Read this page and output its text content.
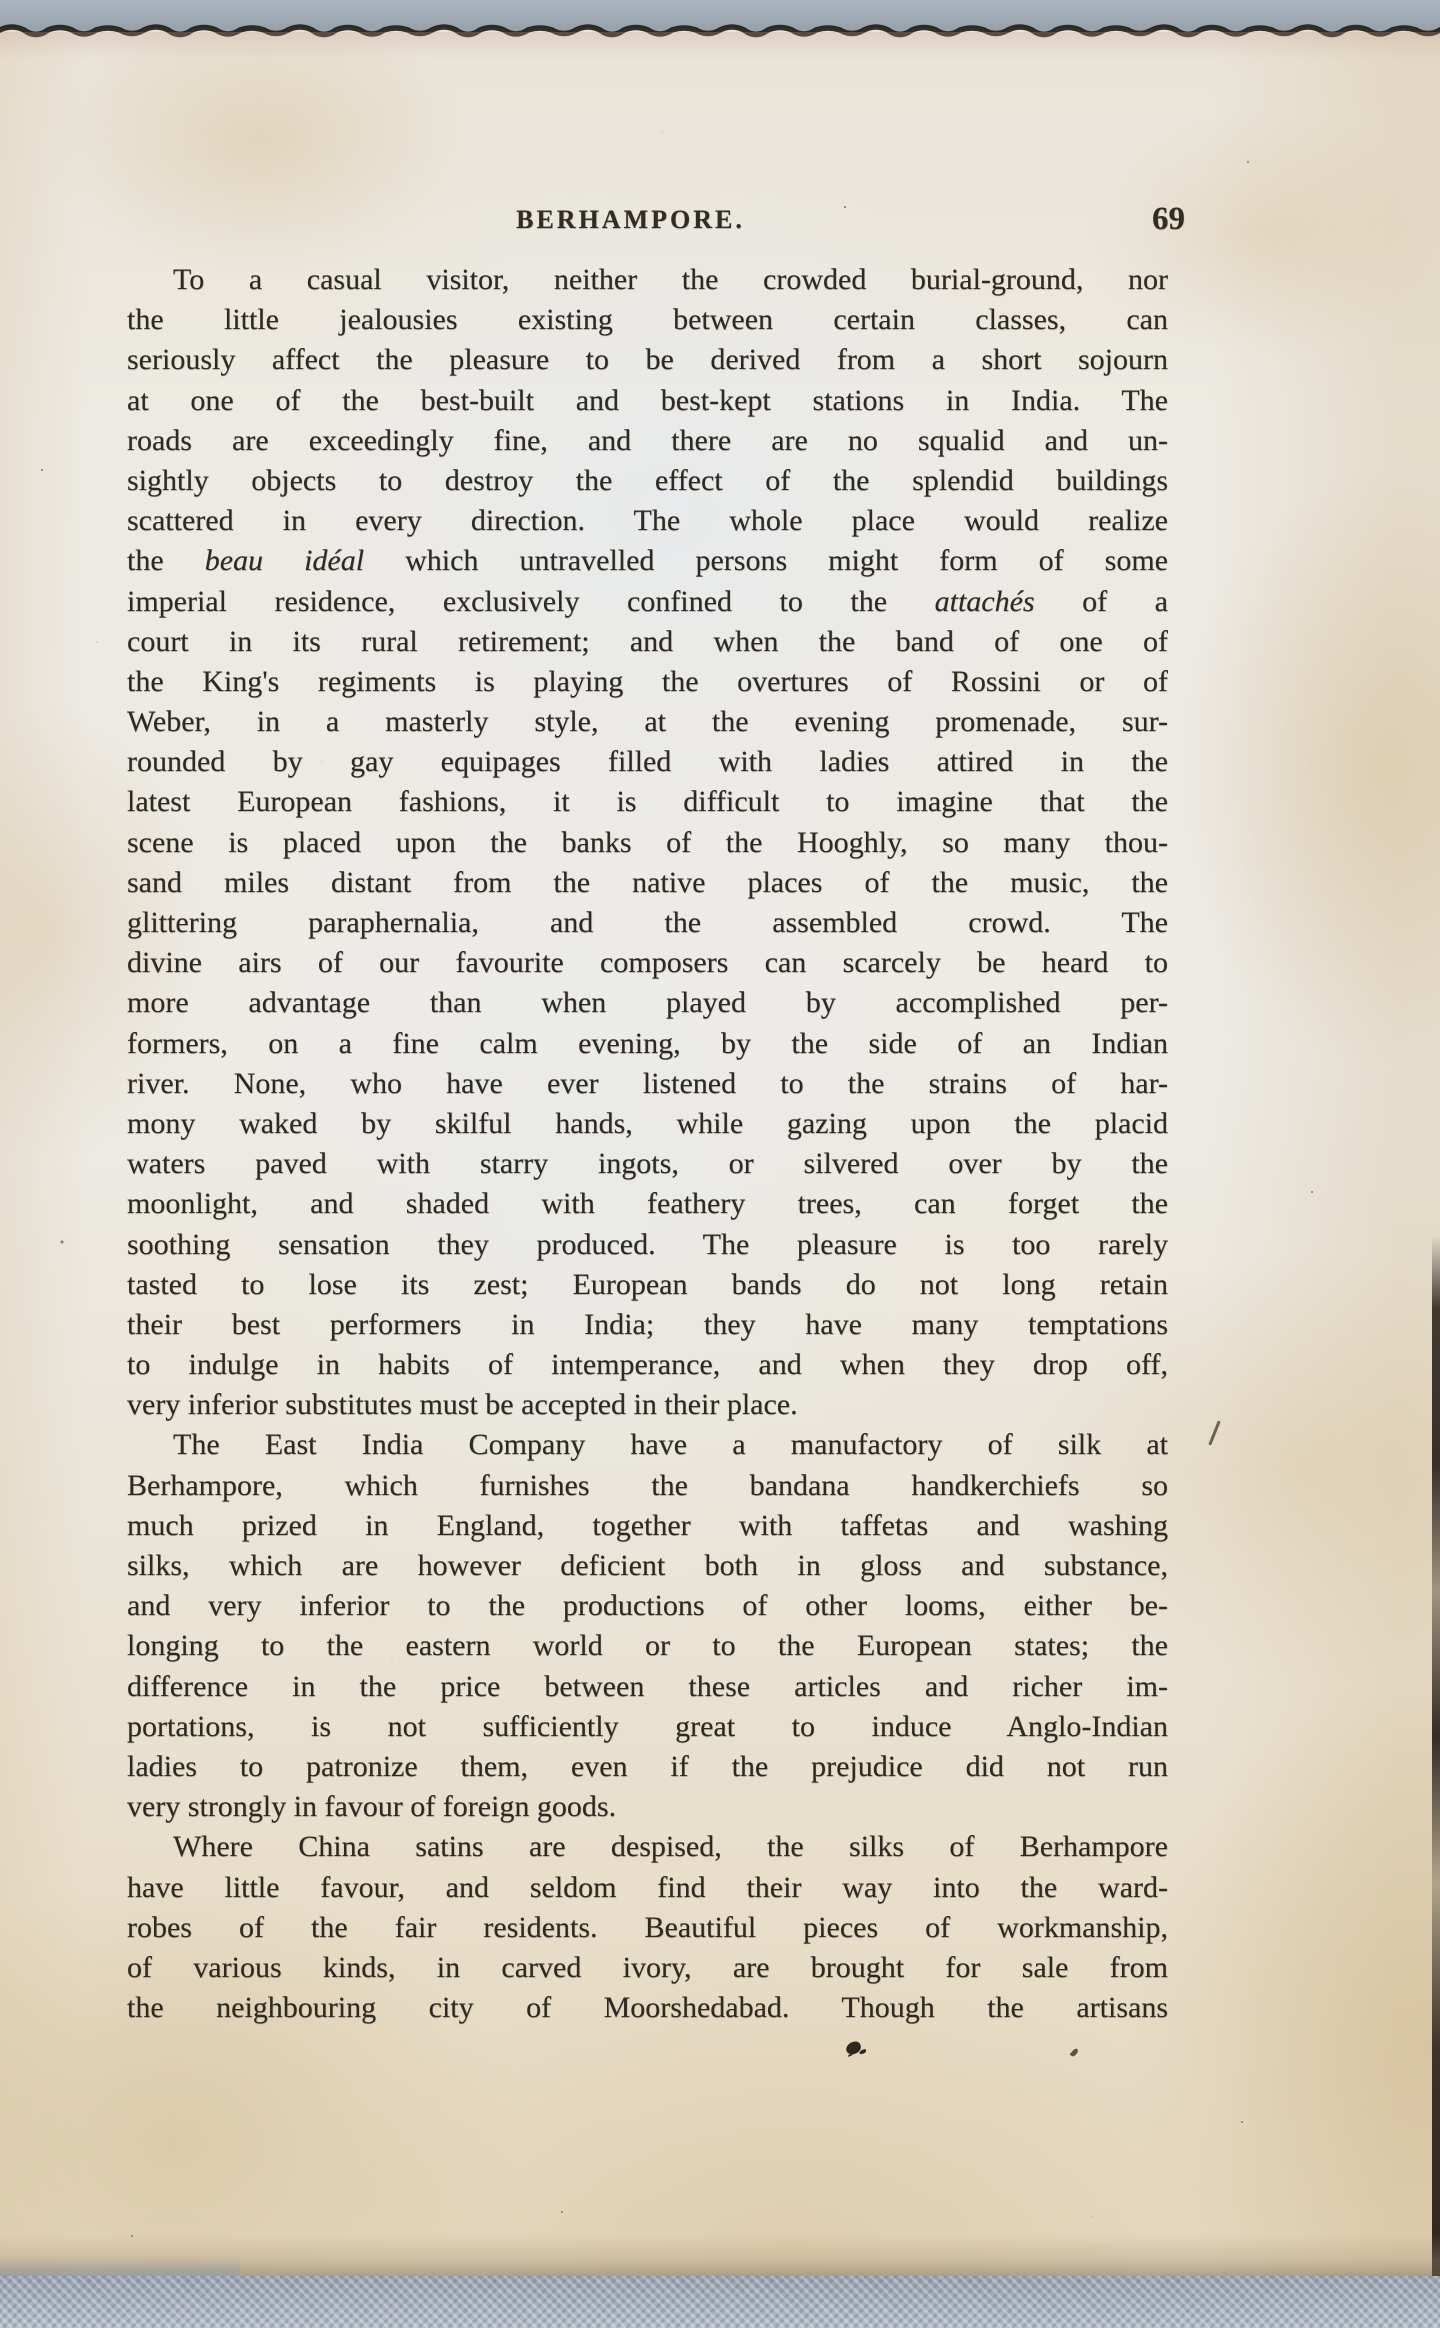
BERHAMPORE.	69
To a casual visitor, neither the crowded burial-ground, nor
the little jealousies existing between certain classes, can
seriously affect the pleasure to be derived from a short sojourn
at one of the best-built and best-kept stations in India. The
roads are exceedingly fine, and there are no squalid and un-
sightly objects to destroy the effect of the splendid buildings
scattered in every direction. The whole place would realize
the beau idéal which untravelled persons might form of some
imperial residence, exclusively confined to the attachés of a
court in its rural retirement; and when the band of one of
the King's regiments is playing the overtures of Rossini or of
Weber, in a masterly style, at the evening promenade, sur-
rounded by gay equipages filled with ladies attired in the
latest European fashions, it is difficult to imagine that the
scene is placed upon the banks of the Hooghly, so many thou-
sand miles distant from the native places of the music, the
glittering paraphernalia, and the assembled crowd. The
divine airs of our favourite composers can scarcely be heard to
more advantage than when played by accomplished per-
formers, on a fine calm evening, by the side of an Indian
river. None, who have ever listened to the strains of har-
mony waked by skilful hands, while gazing upon the placid
waters paved with starry ingots, or silvered over by the
moonlight, and shaded with feathery trees, can forget the
soothing sensation they produced. The pleasure is too rarely
tasted to lose its zest; European bands do not long retain
their best performers in India; they have many temptations
to indulge in habits of intemperance, and when they drop off,
very inferior substitutes must be accepted in their place.
The East India Company have a manufactory of silk at
Berhampore, which furnishes the bandana handkerchiefs so
much prized in England, together with taffetas and washing
silks, which are however deficient both in gloss and substance,
and very inferior to the productions of other looms, either be-
longing to the eastern world or to the European states; the
difference in the price between these articles and richer im-
portations, is not sufficiently great to induce Anglo-Indian
ladies to patronize them, even if the prejudice did not run
very strongly in favour of foreign goods.
Where China satins are despised, the silks of Berhampore
have little favour, and seldom find their way into the ward-
robes of the fair residents. Beautiful pieces of workmanship,
of various kinds, in carved ivory, are brought for sale from
the neighbouring city of Moorshedabad. Though the artisans
